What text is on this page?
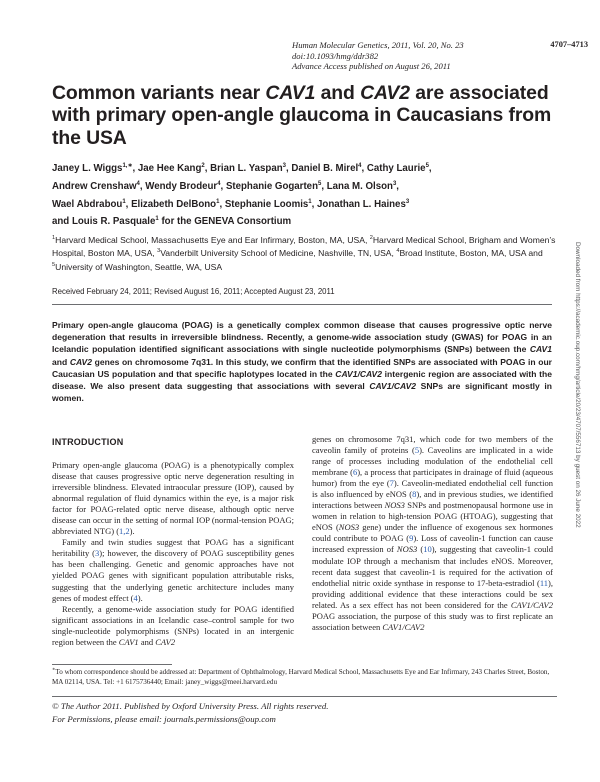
Human Molecular Genetics, 2011, Vol. 20, No. 23	4707–4713
doi:10.1093/hmg/ddr382
Advance Access published on August 26, 2011
Common variants near CAV1 and CAV2 are associated with primary open-angle glaucoma in Caucasians from the USA
Janey L. Wiggs$^{1,∗}$, Jae Hee Kang$^2$, Brian L. Yaspan$^3$, Daniel B. Mirel$^4$, Cathy Laurie$^5$,
Andrew Crenshaw$^4$, Wendy Brodeur$^4$, Stephanie Gogarten$^5$, Lana M. Olson$^3$,
Wael Abdrabou$^1$, Elizabeth DelBono$^1$, Stephanie Loomis$^1$, Jonathan L. Haines$^3$
and Louis R. Pasquale$^1$ for the GENEVA Consortium
$^1$Harvard Medical School, Massachusetts Eye and Ear Infirmary, Boston, MA, USA, $^2$Harvard Medical School, Brigham and Women’s Hospital, Boston MA, USA, $^3$Vanderbilt University School of Medicine, Nashville, TN, USA, $^4$Broad Institute, Boston, MA, USA and $^5$University of Washington, Seattle, WA, USA
Received February 24, 2011; Revised August 16, 2011; Accepted August 23, 2011
Primary open-angle glaucoma (POAG) is a genetically complex common disease that causes progressive optic nerve degeneration that results in irreversible blindness. Recently, a genome-wide association study (GWAS) for POAG in an Icelandic population identified significant associations with single nucleotide polymorphisms (SNPs) between the CAV1 and CAV2 genes on chromosome 7q31. In this study, we confirm that the identified SNPs are associated with POAG in our Caucasian US population and that specific haplotypes located in the CAV1/CAV2 intergenic region are associated with the disease. We also present data suggesting that associations with several CAV1/CAV2 SNPs are significant mostly in women.	Downloaded from https://academic.oup.com/hmg/article/20/23/4707/556713 by guest on 26 June 2022
INTRODUCTION

Primary open-angle glaucoma (POAG) is a phenotypically complex disease that causes progressive optic nerve degeneration resulting in irreversible blindness. Elevated intraocular pressure (IOP), caused by abnormal regulation of fluid dynamics within the eye, is a major risk factor for POAG-related optic nerve disease, although optic nerve disease can occur in the setting of normal IOP (normal-tension POAG; abbreviated NTG) (1,2).

Family and twin studies suggest that POAG has a significant heritability (3); however, the discovery of POAG susceptibility genes has been challenging. Genetic and genomic approaches have not yielded POAG genes with significant population attributable risks, suggesting that the underlying genetic architecture includes many genes of modest effect (4).

Recently, a genome-wide association study for POAG identified significant associations in an Icelandic case–control sample for two single-nucleotide polymorphisms (SNPs) located in an intergenic region between the CAV1 and CAV2

genes on chromosome 7q31, which code for two members of the caveolin family of proteins (5). Caveolins are implicated in a wide range of processes including modulation of the endothelial cell membrane (6), a process that participates in drainage of fluid (aqueous humor) from the eye (7). Caveolin-mediated endothelial cell function is also influenced by eNOS (8), and in previous studies, we identified interactions between NOS3 SNPs and postmenopausal hormone use in women in relation to high-tension POAG (HTOAG), suggesting that eNOS (NOS3 gene) under the influence of exogenous sex hormones could contribute to POAG (9). Loss of caveolin-1 function can cause increased expression of NOS3 (10), suggesting that caveolin-1 could modulate IOP through a mechanism that includes eNOS. Moreover, recent data suggest that caveolin-1 is required for the activation of endothelial nitric oxide synthase in response to 17-beta-estradiol (11), providing additional evidence that these interactions could be sex related. As a sex effect has not been considered for the CAV1/CAV2 POAG association, the purpose of this study was to first replicate an association between CAV1/CAV2

∗To whom correspondence should be addressed at: Department of Ophthalmology, Harvard Medical School, Massachusetts Eye and Ear Infirmary, 243 Charles Street, Boston, MA 02114, USA. Tel: +1 6175736440; Email: janey_wiggs@meei.harvard.edu
© The Author 2011. Published by Oxford University Press. All rights reserved.
For Permissions, please email: journals.permissions@oup.com
